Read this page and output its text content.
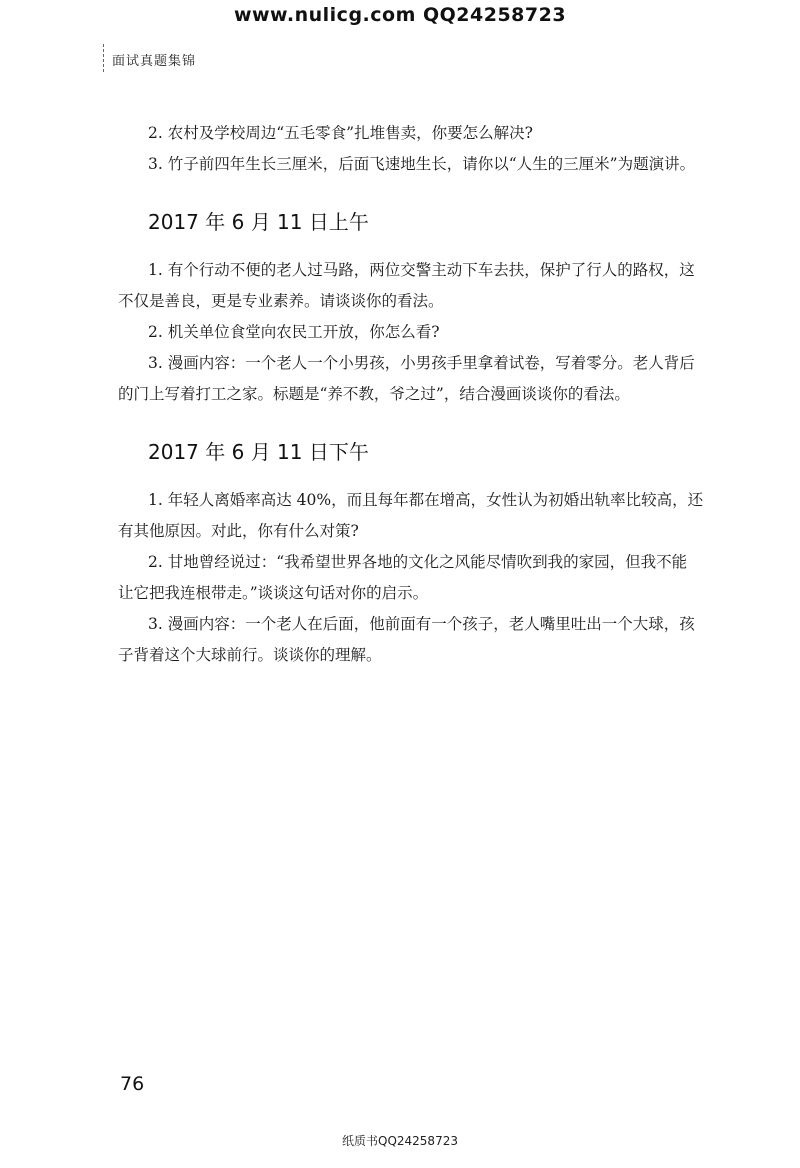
www.nulicg.com QQ24258723
面试真题集锦

2. 农村及学校周边“五毛零食”扎堆售卖，你要怎么解决?

3. 竹子前四年生长三厘米，后面飞速地生长，请你以“人生的三厘米”为题演讲。

2017 年 6 月 11 日上午

1. 有个行动不便的老人过马路，两位交警主动下车去扶，保护了行人的路权，这

不仅是善良，更是专业素养。请谈谈你的看法。

2. 机关单位食堂向农民工开放，你怎么看?

3. 漫画内容：一个老人一个小男孩，小男孩手里拿着试卷，写着零分。老人背后

的门上写着打工之家。标题是“养不教，爷之过”，结合漫画谈谈你的看法。

2017 年 6 月 11 日下午

1. 年轻人离婚率高达 40%，而且每年都在增高，女性认为初婚出轨率比较高，还

有其他原因。对此，你有什么对策?

2. 甘地曾经说过：“我希望世界各地的文化之风能尽情吹到我的家园，但我不能

让它把我连根带走。”谈谈这句话对你的启示。

3. 漫画内容：一个老人在后面，他前面有一个孩子，老人嘴里吐出一个大球，孩

子背着这个大球前行。谈谈你的理解。

76
纸质书QQ24258723
